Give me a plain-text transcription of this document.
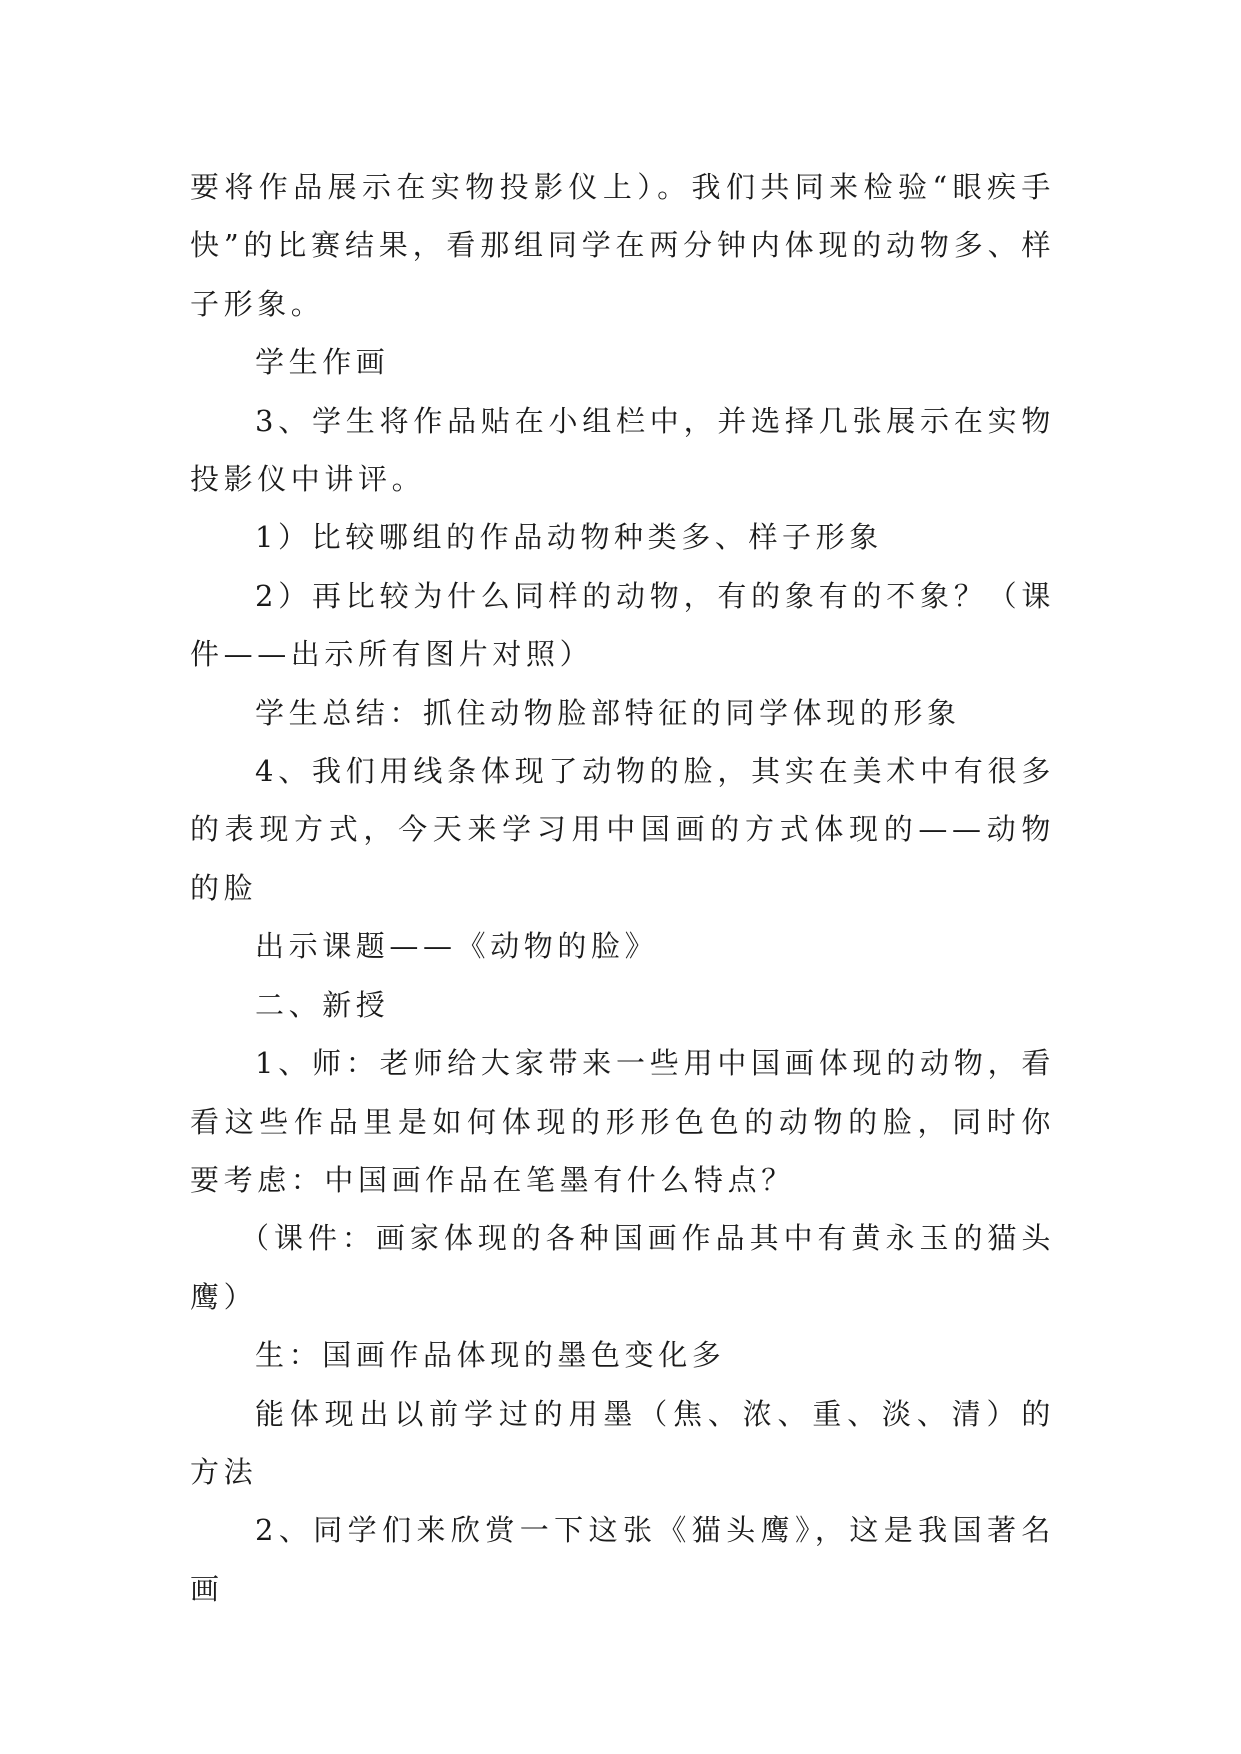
要将作品展示在实物投影仪上）。我们共同来检验“眼疾手快”的比赛结果，看那组同学在两分钟内体现的动物多、样子形象。

学生作画

3、学生将作品贴在小组栏中，并选择几张展示在实物投影仪中讲评。

1）比较哪组的作品动物种类多、样子形象

2）再比较为什么同样的动物，有的象有的不象？（课件——出示所有图片对照）

学生总结：抓住动物脸部特征的同学体现的形象

4、我们用线条体现了动物的脸，其实在美术中有很多的表现方式，今天来学习用中国画的方式体现的——动物的脸

出示课题——《动物的脸》

二、新授

1、师：老师给大家带来一些用中国画体现的动物，看看这些作品里是如何体现的形形色色的动物的脸，同时你要考虑：中国画作品在笔墨有什么特点？

（课件：画家体现的各种国画作品其中有黄永玉的猫头鹰）

生：国画作品体现的墨色变化多

能体现出以前学过的用墨（焦、浓、重、淡、清）的方法

2、同学们来欣赏一下这张《猫头鹰》，这是我国著名画
